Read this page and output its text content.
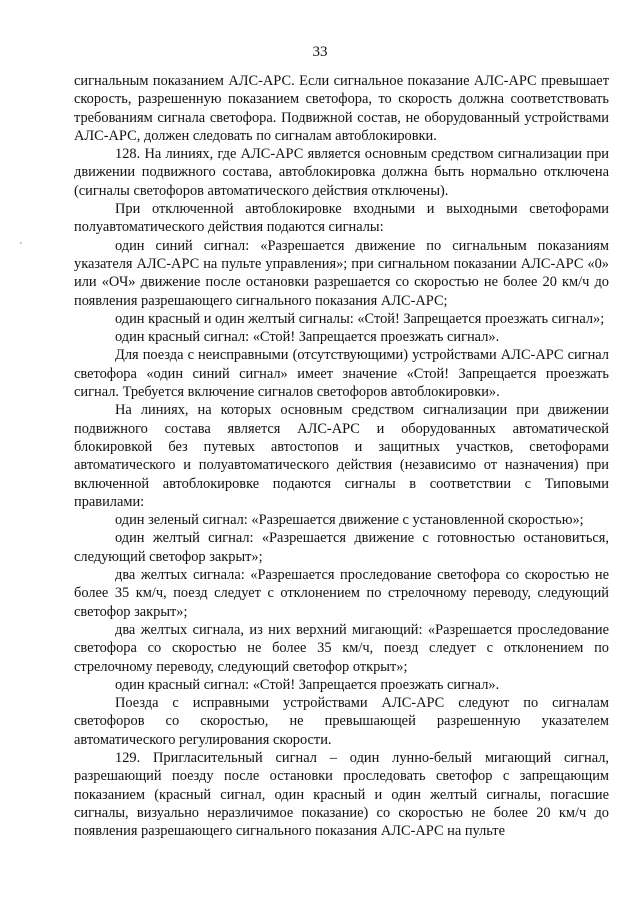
33
`

сигнальным показанием АЛС-АРС. Если сигнальное показание АЛС-АРС превышает скорость, разрешенную показанием светофора, то скорость должна соответствовать требованиям сигнала светофора. Подвижной состав, не оборудованный устройствами АЛС-АРС, должен следовать по сигналам автоблокировки.

128. На линиях, где АЛС-АРС является основным средством сигнализации при движении подвижного состава, автоблокировка должна быть нормально отключена (сигналы светофоров автоматического действия отключены).

При отключенной автоблокировке входными и выходными светофорами полуавтоматического действия подаются сигналы:

один синий сигнал: «Разрешается движение по сигнальным показаниям указателя АЛС-АРС на пульте управления»; при сигнальном показании АЛС-АРС «0» или «ОЧ» движение после остановки разрешается со скоростью не более 20 км/ч до появления разрешающего сигнального показания АЛС-АРС;

один красный и один желтый сигналы: «Стой! Запрещается проезжать сигнал»;

один красный сигнал: «Стой! Запрещается проезжать сигнал».

Для поезда с неисправными (отсутствующими) устройствами АЛС-АРС сигнал светофора «один синий сигнал» имеет значение «Стой! Запрещается проезжать сигнал. Требуется включение сигналов светофоров автоблокировки».

На линиях, на которых основным средством сигнализации при движении подвижного состава является АЛС-АРС и оборудованных автоматической блокировкой без путевых автостопов и защитных участков, светофорами автоматического и полуавтоматического действия (независимо от назначения) при включенной автоблокировке подаются сигналы в соответствии с Типовыми правилами:

один зеленый сигнал: «Разрешается движение с установленной скоростью»;

один желтый сигнал: «Разрешается движение с готовностью остановиться, следующий светофор закрыт»;

два желтых сигнала: «Разрешается проследование светофора со скоростью не более 35 км/ч, поезд следует с отклонением по стрелочному переводу, следующий светофор закрыт»;

два желтых сигнала, из них верхний мигающий: «Разрешается проследование светофора со скоростью не более 35 км/ч, поезд следует с отклонением по стрелочному переводу, следующий светофор открыт»;

один красный сигнал: «Стой! Запрещается проезжать сигнал».

Поезда с исправными устройствами АЛС-АРС следуют по сигналам светофоров со скоростью, не превышающей разрешенную указателем автоматического регулирования скорости.

129. Пригласительный сигнал – один лунно-белый мигающий сигнал, разрешающий поезду после остановки проследовать светофор с запрещающим показанием (красный сигнал, один красный и один желтый сигналы, погасшие сигналы, визуально неразличимое показание) со скоростью не более 20 км/ч до появления разрешающего сигнального показания АЛС-АРС на пульте
